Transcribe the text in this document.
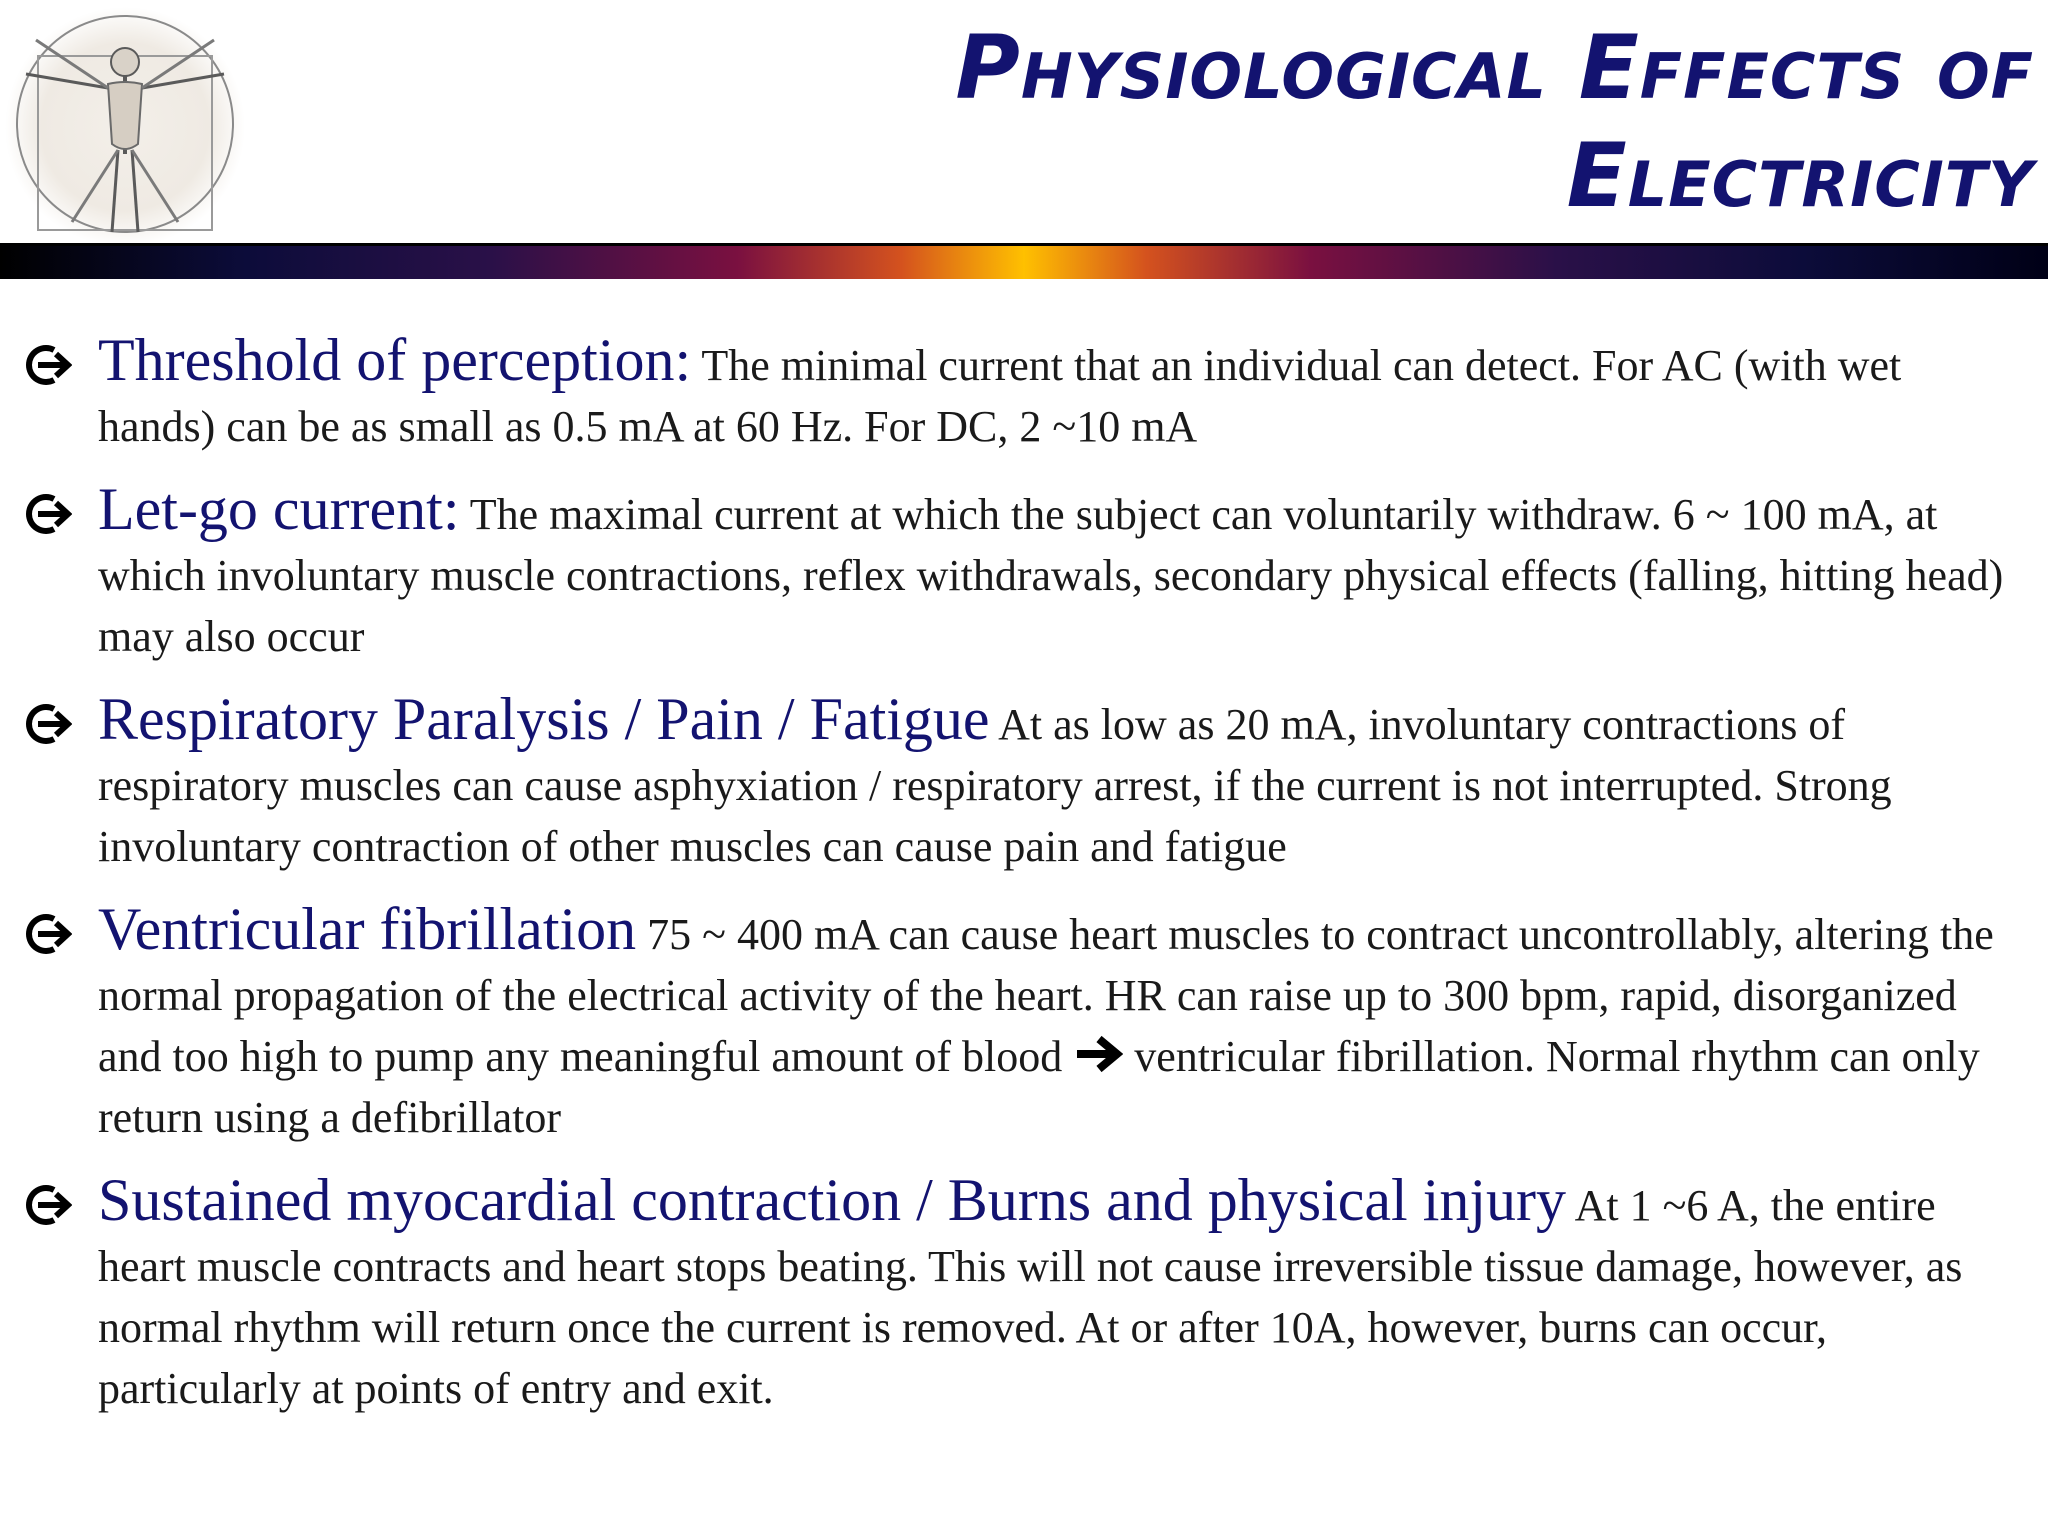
Physiological Effects of
Electricity
Threshold of perception: The minimal current that an individual can detect. For AC (with wet hands) can be as small as 0.5 mA at 60 Hz. For DC, 2 ~10 mA
Let-go current: The maximal current at which the subject can voluntarily withdraw. 6 ~ 100 mA, at which involuntary muscle contractions, reflex withdrawals, secondary physical effects (falling, hitting head) may also occur
Respiratory Paralysis / Pain / Fatigue At as low as 20 mA, involuntary contractions of respiratory muscles can cause asphyxiation / respiratory arrest, if the current is not interrupted. Strong involuntary contraction of other muscles can cause pain and fatigue
Ventricular fibrillation 75 ~ 400 mA can cause heart muscles to contract uncontrollably, altering the normal propagation of the electrical activity of the heart. HR can raise up to 300 bpm, rapid, disorganized and too high to pump any meaningful amount of blood  ventricular fibrillation. Normal rhythm can only return using a defibrillator
Sustained myocardial contraction / Burns and physical injury At 1 ~6 A, the entire heart muscle contracts and heart stops beating. This will not cause irreversible tissue damage, however, as normal rhythm will return once the current is removed. At or after 10A, however, burns can occur, particularly at points of entry and exit.
